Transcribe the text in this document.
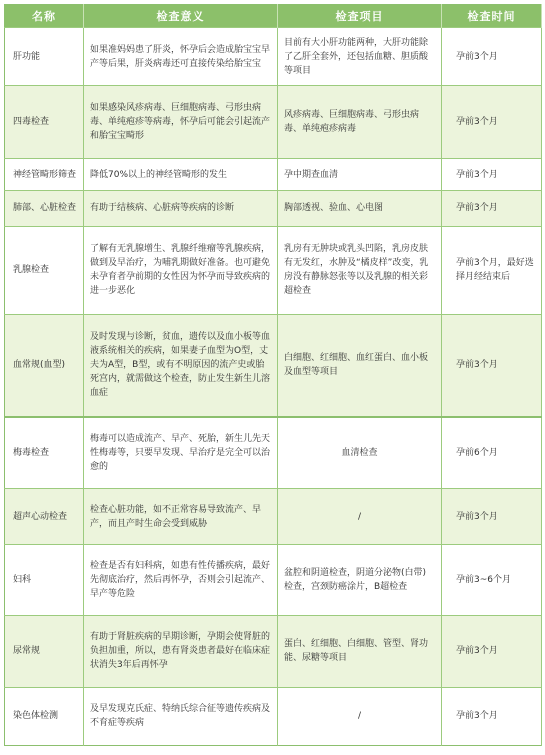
名称	检查意义	检查项目	检查时间
肝功能	如果准妈妈患了肝炎，怀孕后会造成胎宝宝早产等后果，肝炎病毒还可直接传染给胎宝宝	目前有大小肝功能两种，大肝功能除了乙肝全套外，还包括血糖、胆质酸等项目	孕前3个月
四毒检查	如果感染风疹病毒、巨细胞病毒、弓形虫病毒、单纯疱疹等病毒，怀孕后可能会引起流产和胎宝宝畸形	风疹病毒、巨细胞病毒、弓形虫病毒、单纯疱疹病毒	孕前3个月
神经管畸形筛查	降低70%以上的神经管畸形的发生	孕中期查血清	孕前3个月
肺部、心脏检查	有助于结核病、心脏病等疾病的诊断	胸部透视、验血、心电图	孕前3个月
乳腺检查	了解有无乳腺增生、乳腺纤维瘤等乳腺疾病，做到及早治疗，为哺乳期做好准备。也可避免未孕育者孕前期的女性因为怀孕而导致疾病的进一步恶化	乳房有无肿块或乳头凹陷，乳房皮肤有无发红，水肿及“橘皮样”改变，乳房没有静脉怒张等以及乳腺的相关彩超检查	孕前3个月，最好选择月经结束后
血常规(血型)	及时发现与诊断，贫血，遗传以及血小板等血液系统相关的疾病，如果妻子血型为O型，丈夫为A型，B型，或有不明原因的流产史或胎死宫内，就需做这个检查，防止发生新生儿溶血症	白细胞、红细胞、血红蛋白、血小板及血型等项目	孕前3个月
梅毒检查	梅毒可以造成流产、早产、死胎，新生儿先天性梅毒等，只要早发现、早治疗是完全可以治愈的	血清检查	孕前6个月
超声心动检查	检查心脏功能，如不正常容易导致流产、早产，而且产时生命会受到威胁	/	孕前3个月
妇科	检查是否有妇科病，如患有性传播疾病，最好先彻底治疗，然后再怀孕，否则会引起流产、早产等危险	盆腔和阴道检查，阴道分泌物(白带)检查，宫颈防癌涂片，B超检查	孕前3~6个月
尿常规	有助于肾脏疾病的早期诊断，孕期会使肾脏的负担加重，所以，患有肾炎患者最好在临床症状消失3年后再怀孕	蛋白、红细胞、白细胞、管型、肾功能、尿糖等项目	孕前3个月
染色体检测	及早发现克氏症、特纳氏综合征等遗传疾病及不育症等疾病	/	孕前3个月
